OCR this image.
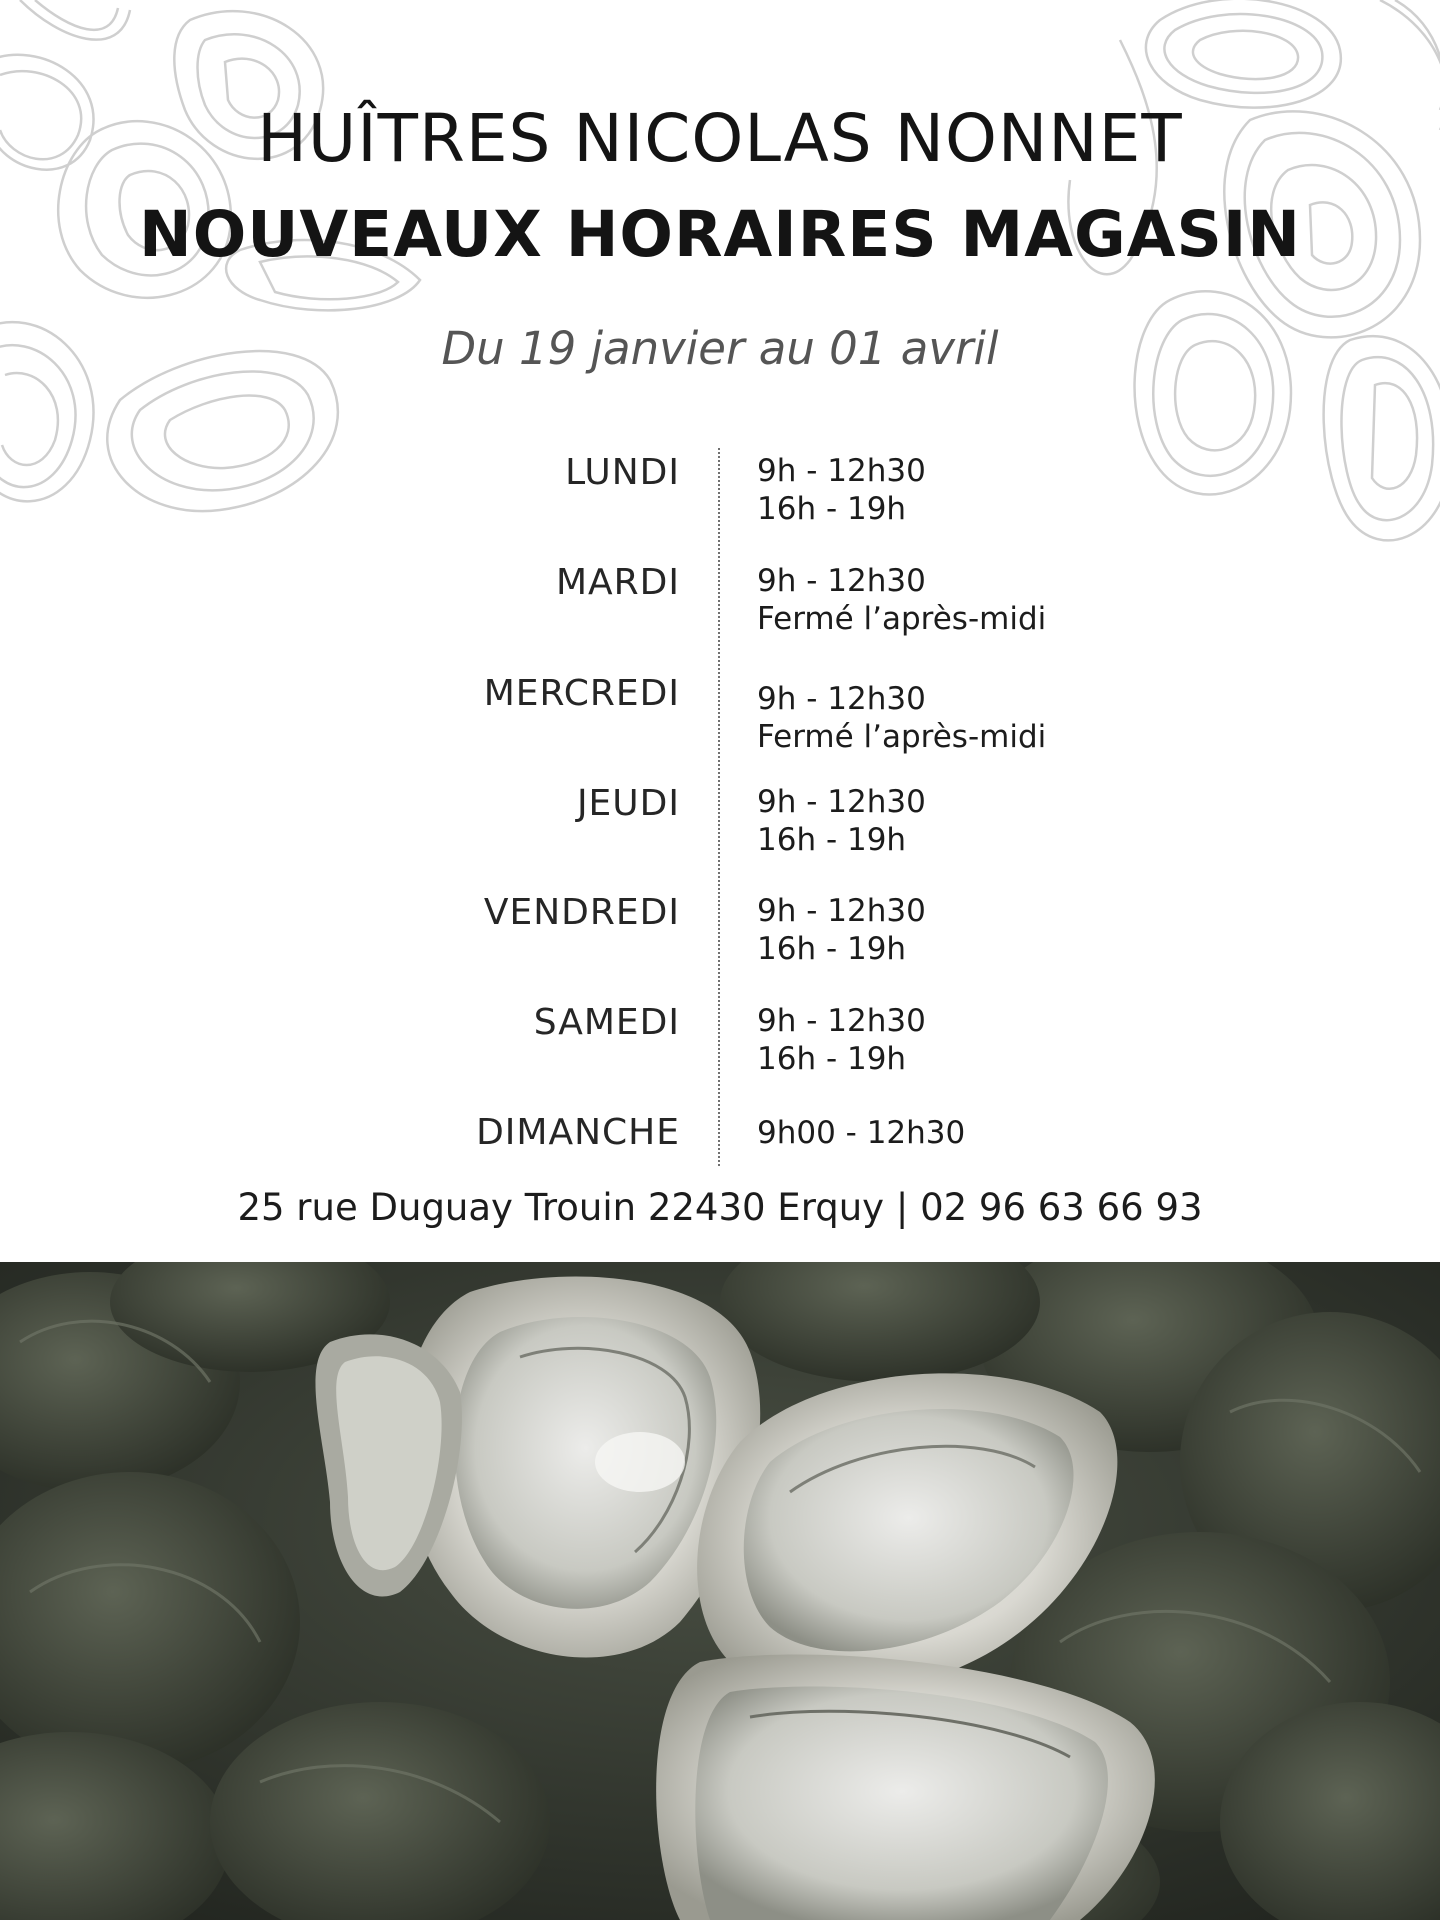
HUÎTRES NICOLAS NONNET
NOUVEAUX HORAIRES MAGASIN
Du 19 janvier au 01 avril
LUNDI 9h - 12h30
16h - 19h
MARDI 9h - 12h30
Fermé l’après-midi
MERCREDI 9h - 12h30
Fermé l’après-midi
JEUDI 9h - 12h30
16h - 19h
VENDREDI 9h - 12h30
16h - 19h
SAMEDI 9h - 12h30
16h - 19h
DIMANCHE 9h00 - 12h30
25 rue Duguay Trouin 22430 Erquy | 02 96 63 66 93
